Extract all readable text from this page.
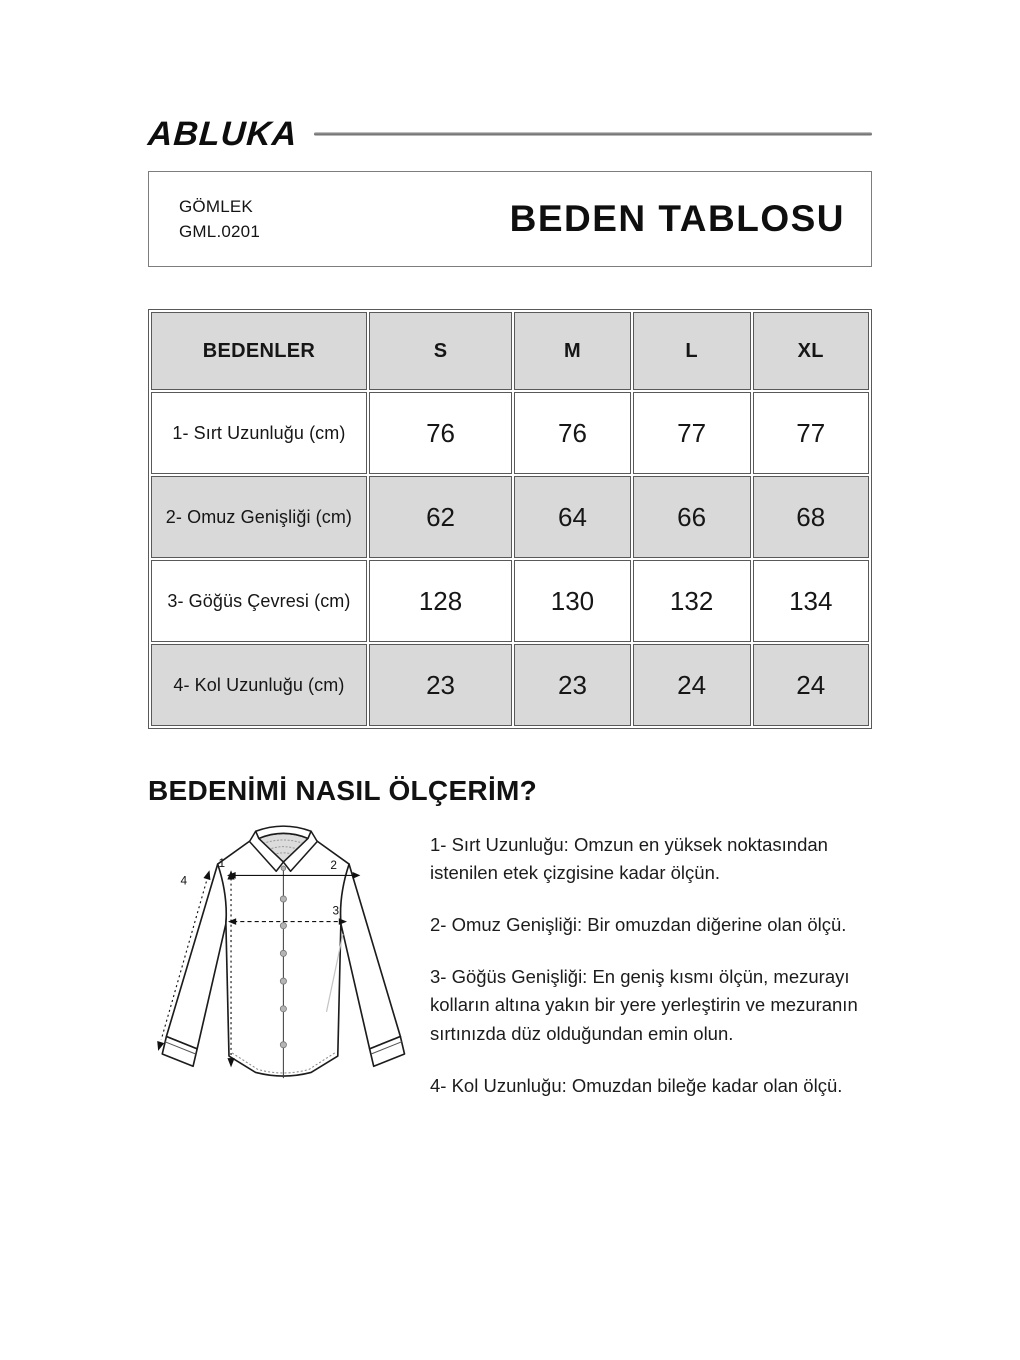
ABLUKA
GÖMLEK
GML.0201	BEDEN TABLOSU
BEDENLER	S	M	L	XL
1- Sırt Uzunluğu (cm)	76	76	77	77
2- Omuz Genişliği (cm)	62	64	66	68
3- Göğüs Çevresi (cm)	128	130	132	134
4- Kol Uzunluğu (cm)	23	23	24	24
BEDENİMİ NASIL ÖLÇERİM?
1	2
3
4

1- Sırt Uzunluğu: Omzun en yüksek noktasından istenilen etek çizgisine kadar ölçün.

2- Omuz Genişliği: Bir omuzdan diğerine olan ölçü.

3- Göğüs Genişliği: En geniş kısmı ölçün, mezurayı kolların altına yakın bir yere yerleştirin ve mezuranın sırtınızda düz olduğundan emin olun.

4- Kol Uzunluğu: Omuzdan bileğe kadar olan ölçü.
